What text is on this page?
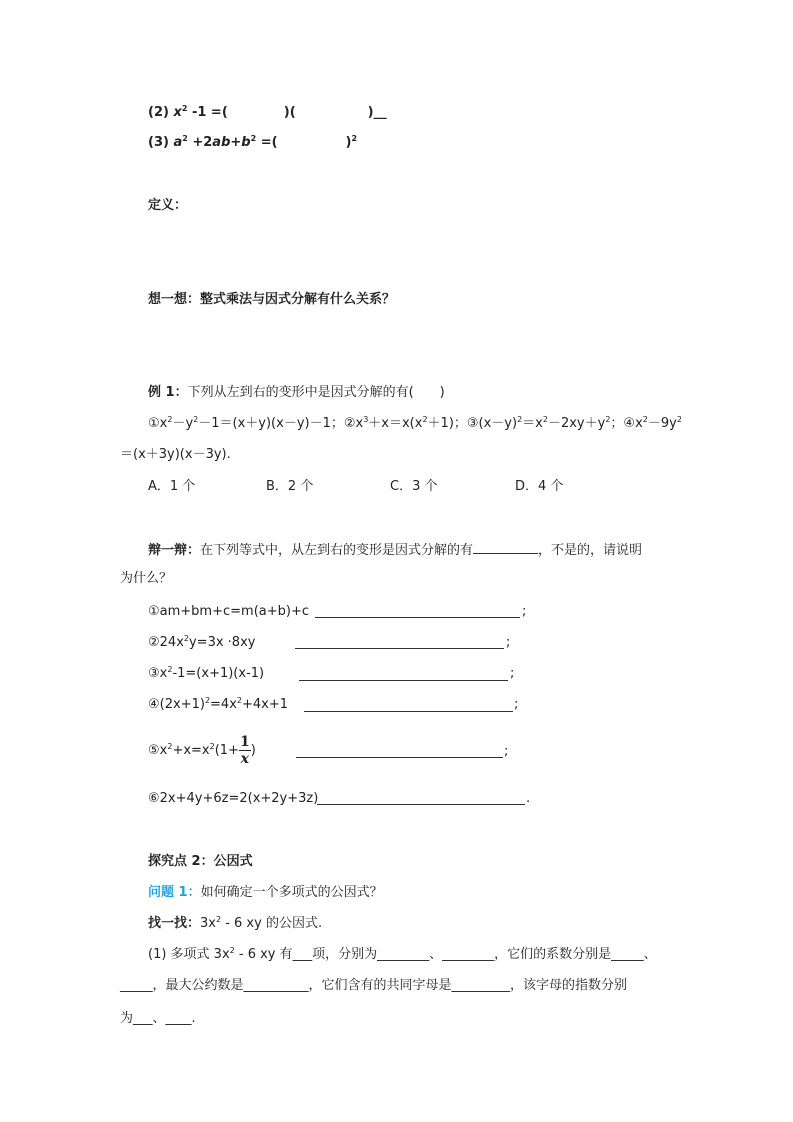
(2) $x^2$ -1 =(	)(	)__
(3) $a^2 +2ab+b^2$ =(	)$^2$
定义：
想一想：整式乘法与因式分解有什么关系？
例 1：下列从左到右的变形中是因式分解的有(　　)
$①x^2-y^2-1=(x+y)(x-y)-1$；$②x^3+x=x(x^2+1)$；$③(x-y)^2=x^2-2xy+y^2$；$④x^2-9y^2$
＝(x＋3y)(x－3y).
A．1 个	B．2 个	C．3 个	D．4 个
辩一辩：在下列等式中，从左到右的变形是因式分解的有	，不是的，请说明
为什么？
①am+bm+c=m(a+b)+c	;
$②24x^2y=3x \cdot 8xy$	;
$③x^2-1=(x+1)(x-1)$	;
$④(2x+1)^2=4x^2+4x+1$	;
$⑤x^2+x=x^2(1+ \frac{1}{x}$ )	;
⑥2x+4y+6z=2(x+2y+3z)	.
探究点 2：公因式
问题 1：如何确定一个多项式的公因式？
找一找：$3x^2 - 6$ xy 的公因式.
(1) 多项式 $3x^2 - 6$ xy 有___项，分别为________、________，它们的系数分别是_____、
_____，最大公约数是__________，它们含有的共同字母是_________，该字母的指数分别
为___、____.
